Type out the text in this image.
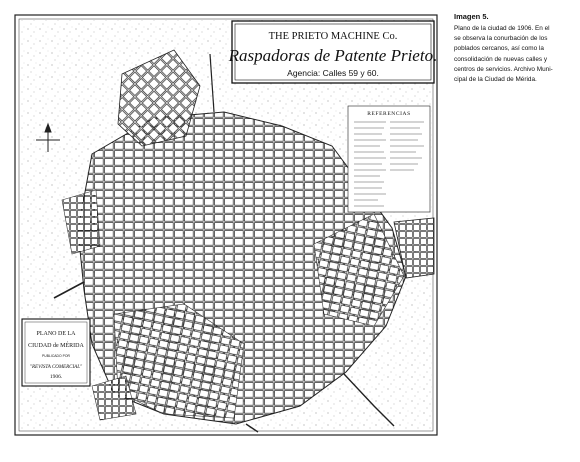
THE PRIETO MACHINE Co.
Raspadoras de Patente Prieto.
Agencia: Calles 59 y 60.
REFERENCIAS
PLANO DE LA
CIUDAD de MÉRIDA
PUBLICADO POR
"REVISTA COMERCIAL"
1906.
Imagen 5.
Plano de la ciudad de 1906. En el
se observa la conurbación de los
poblados cercanos, así como la
consolidación de nuevas calles y
centros de servicios. Archivo Muni-
cipal de la Ciudad de Mérida.
